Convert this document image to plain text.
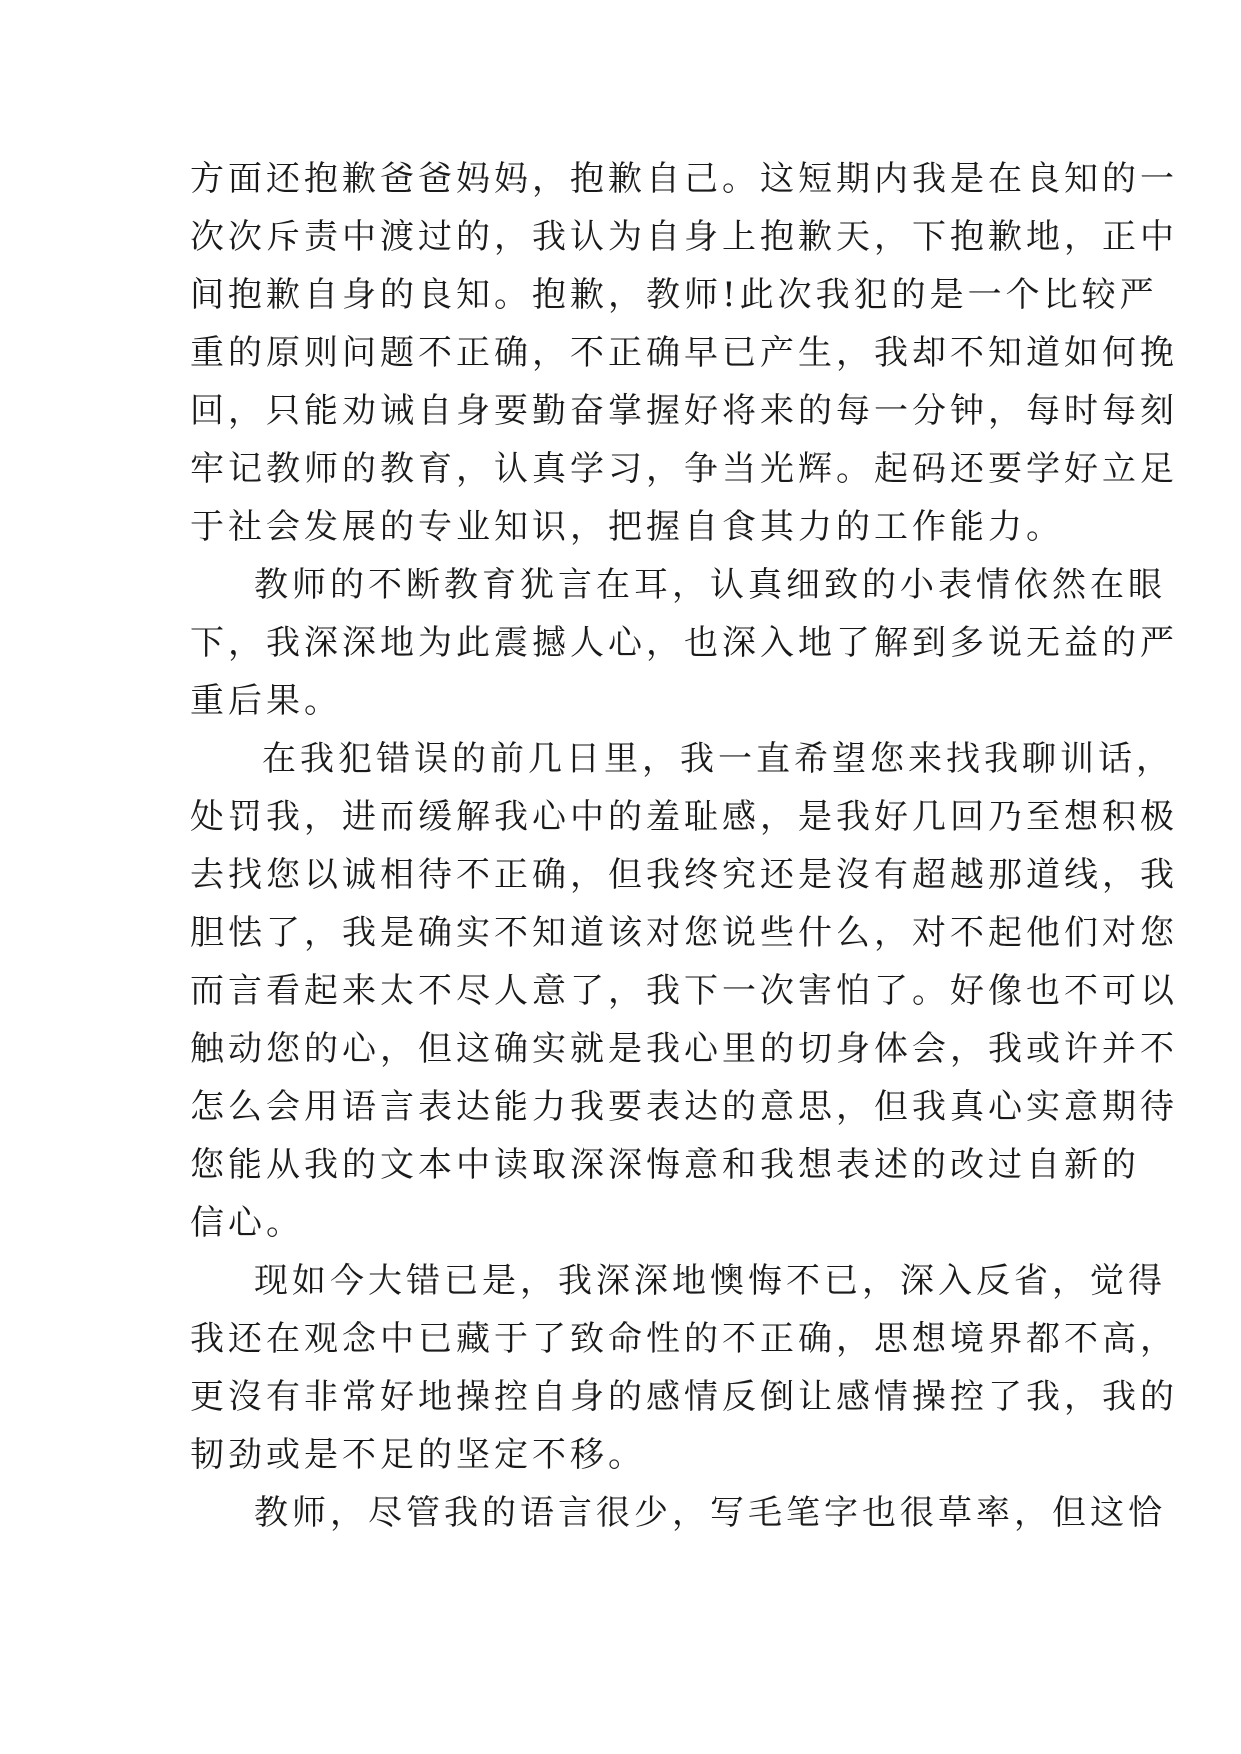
方面还抱歉爸爸妈妈，抱歉自己。这短期内我是在良知的一
次次斥责中渡过的，我认为自身上抱歉天，下抱歉地，正中
间抱歉自身的良知。抱歉，教师!此次我犯的是一个比较严
重的原则问题不正确，不正确早已产生，我却不知道如何挽
回，只能劝诫自身要勤奋掌握好将来的每一分钟，每时每刻
牢记教师的教育，认真学习，争当光辉。起码还要学好立足
于社会发展的专业知识，把握自食其力的工作能力。
教师的不断教育犹言在耳，认真细致的小表情依然在眼
下，我深深地为此震撼人心，也深入地了解到多说无益的严
重后果。
在我犯错误的前几日里，我一直希望您来找我聊训话，
处罚我，进而缓解我心中的羞耻感，是我好几回乃至想积极
去找您以诚相待不正确，但我终究还是沒有超越那道线，我
胆怯了，我是确实不知道该对您说些什么，对不起他们对您
而言看起来太不尽人意了，我下一次害怕了。好像也不可以
触动您的心，但这确实就是我心里的切身体会，我或许并不
怎么会用语言表达能力我要表达的意思，但我真心实意期待
您能从我的文本中读取深深悔意和我想表述的改过自新的
信心。
现如今大错已是，我深深地懊悔不已，深入反省，觉得
我还在观念中已藏于了致命性的不正确，思想境界都不高，
更沒有非常好地操控自身的感情反倒让感情操控了我，我的
韧劲或是不足的坚定不移。
教师，尽管我的语言很少，写毛笔字也很草率，但这恰
